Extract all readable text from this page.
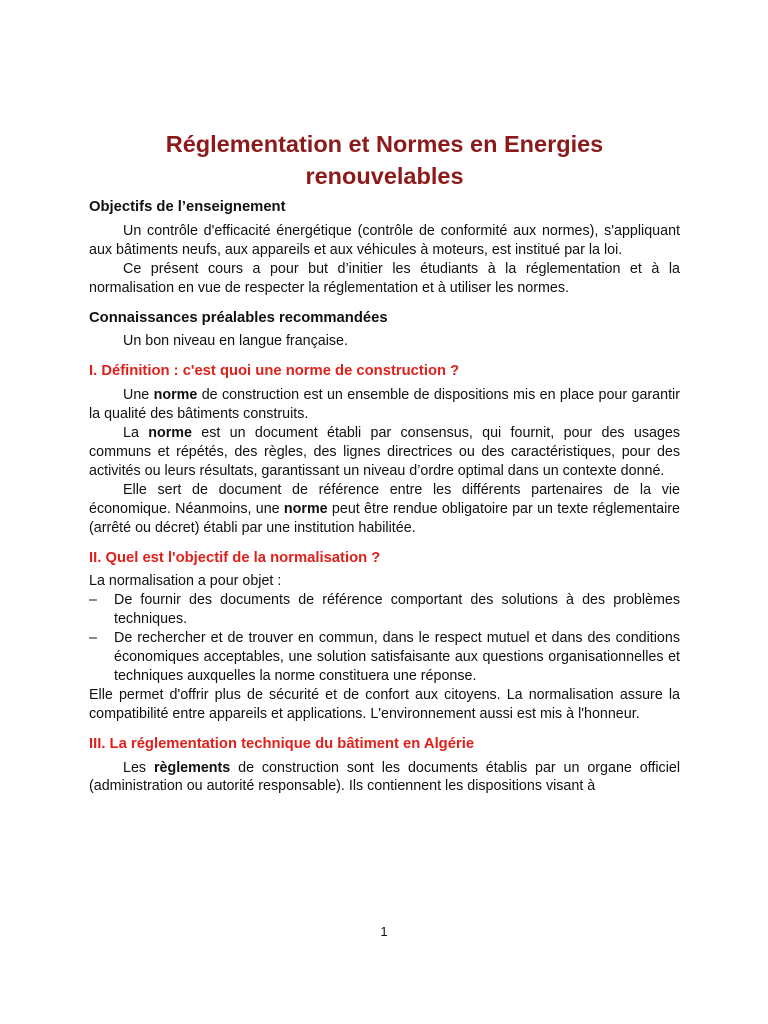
Réglementation et Normes en Energies renouvelables
Objectifs de l’enseignement

Un contrôle d'efficacité énergétique (contrôle de conformité aux normes), s'appliquant aux bâtiments neufs, aux appareils et aux véhicules à moteurs, est institué par la loi.

Ce présent cours a pour but d’initier les étudiants à la réglementation et à la normalisation en vue de respecter la réglementation et à utiliser les normes.

Connaissances préalables recommandées

Un bon niveau en langue française.

I. Définition : c'est quoi une norme de construction ?

Une norme de construction est un ensemble de dispositions mis en place pour garantir la qualité des bâtiments construits.

La norme est un document établi par consensus, qui fournit, pour des usages communs et répétés, des règles, des lignes directrices ou des caractéristiques, pour des activités ou leurs résultats, garantissant un niveau d’ordre optimal dans un contexte donné.

Elle sert de document de référence entre les différents partenaires de la vie économique. Néanmoins, une norme peut être rendue obligatoire par un texte réglementaire (arrêté ou décret) établi par une institution habilitée.

II. Quel est l'objectif de la normalisation ?

La normalisation a pour objet :

– De fournir des documents de référence comportant des solutions à des problèmes techniques.
– De rechercher et de trouver en commun, dans le respect mutuel et dans des conditions économiques acceptables, une solution satisfaisante aux questions organisationnelles et techniques auxquelles la norme constituera une réponse.

Elle permet d'offrir plus de sécurité et de confort aux citoyens. La normalisation assure la compatibilité entre appareils et applications. L'environnement aussi est mis à l'honneur.

III. La réglementation technique du bâtiment en Algérie

Les règlements de construction sont les documents établis par un organe officiel (administration ou autorité responsable). Ils contiennent les dispositions visant à

1
